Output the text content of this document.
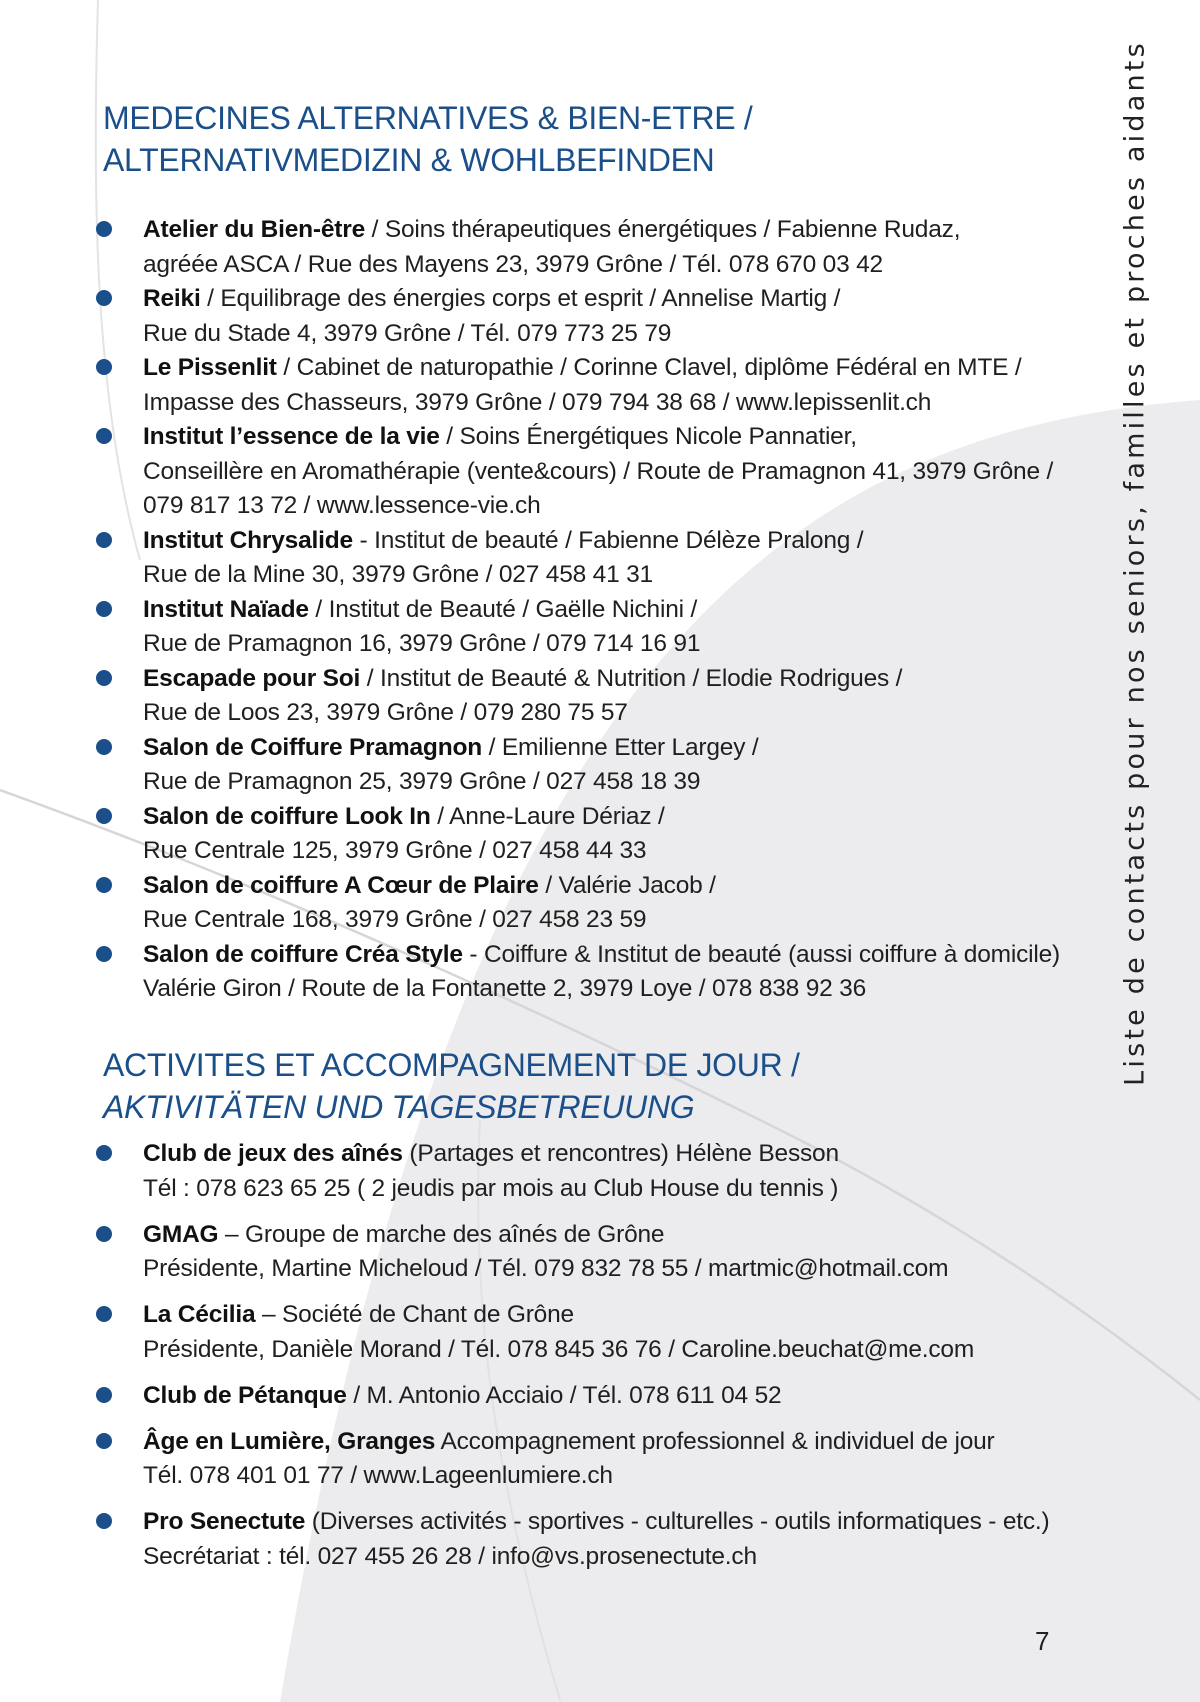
MEDECINES ALTERNATIVES & BIEN-ETRE /
ALTERNATIVMEDIZIN & WOHLBEFINDEN
Atelier du Bien-être / Soins thérapeutiques énergétiques / Fabienne Rudaz,
agréée ASCA / Rue des Mayens 23, 3979 Grône / Tél. 078 670 03 42
Reiki / Equilibrage des énergies corps et esprit / Annelise Martig /
Rue du Stade 4, 3979 Grône / Tél. 079 773 25 79
Le Pissenlit / Cabinet de naturopathie / Corinne Clavel, diplôme Fédéral en MTE /
Impasse des Chasseurs, 3979 Grône / 079 794 38 68 / www.lepissenlit.ch
Institut l’essence de la vie / Soins Énergétiques Nicole Pannatier,
Conseillère en Aromathérapie (vente&cours) / Route de Pramagnon 41, 3979 Grône /
079 817 13 72 / www.lessence-vie.ch
Institut Chrysalide - Institut de beauté / Fabienne Délèze Pralong /
Rue de la Mine 30, 3979 Grône / 027 458 41 31
Institut Naïade / Institut de Beauté / Gaëlle Nichini /
Rue de Pramagnon 16, 3979 Grône / 079 714 16 91
Escapade pour Soi / Institut de Beauté & Nutrition / Elodie Rodrigues /
Rue de Loos 23, 3979 Grône / 079 280 75 57
Salon de Coiffure Pramagnon / Emilienne Etter Largey /
Rue de Pramagnon 25, 3979 Grône / 027 458 18 39
Salon de coiffure Look In / Anne-Laure Dériaz /
Rue Centrale 125, 3979 Grône / 027 458 44 33
Salon de coiffure A Cœur de Plaire / Valérie Jacob /
Rue Centrale 168, 3979 Grône / 027 458 23 59
Salon de coiffure Créa Style - Coiffure & Institut de beauté (aussi coiffure à domicile)
Valérie Giron / Route de la Fontanette 2, 3979 Loye / 078 838 92 36
ACTIVITES ET ACCOMPAGNEMENT DE JOUR /
AKTIVITÄTEN UND TAGESBETREUUNG
Club de jeux des aînés (Partages et rencontres) Hélène Besson
Tél : 078 623 65 25 ( 2 jeudis par mois au Club House du tennis )
GMAG – Groupe de marche des aînés de Grône
Présidente, Martine Micheloud / Tél. 079 832 78 55 / martmic@hotmail.com
La Cécilia – Société de Chant de Grône
Présidente, Danièle Morand / Tél. 078 845 36 76 / Caroline.beuchat@me.com
Club de Pétanque / M. Antonio Acciaio / Tél. 078 611 04 52
Âge en Lumière, Granges Accompagnement professionnel & individuel de jour
Tél. 078 401 01 77 / www.Lageenlumiere.ch
Pro Senectute (Diverses activités - sportives - culturelles - outils informatiques - etc.)
Secrétariat : tél. 027 455 26 28 / info@vs.prosenectute.ch
Liste de contacts pour nos seniors, familles et proches aidants
7
